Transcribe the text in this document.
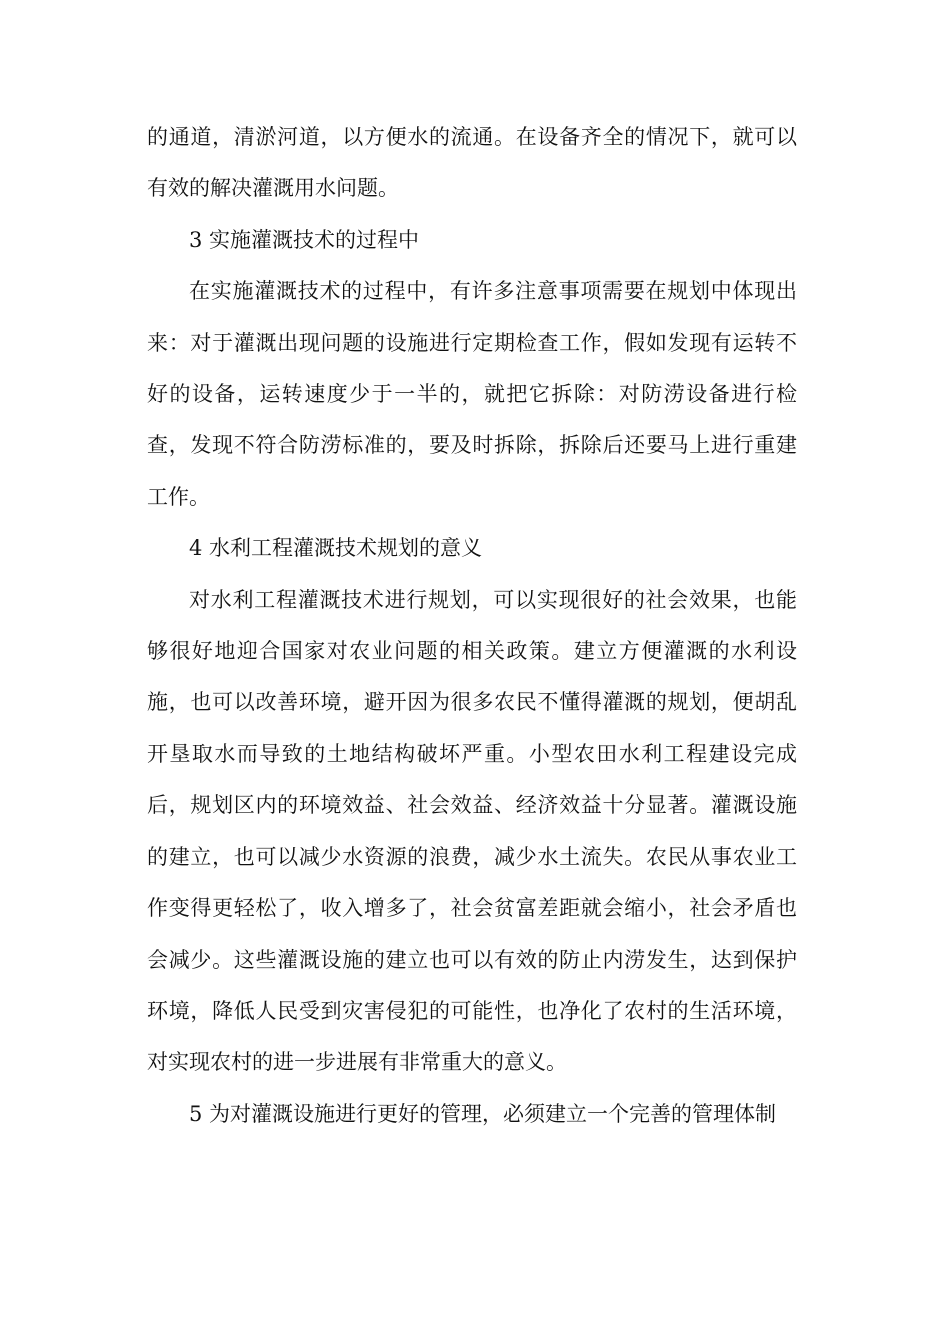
的通道，清淤河道，以方便水的流通。在设备齐全的情况下，就可以有效的解决灌溉用水问题。

3 实施灌溉技术的过程中

在实施灌溉技术的过程中，有许多注意事项需要在规划中体现出来：对于灌溉出现问题的设施进行定期检查工作，假如发现有运转不好的设备，运转速度少于一半的，就把它拆除：对防涝设备进行检查，发现不符合防涝标准的，要及时拆除，拆除后还要马上进行重建工作。

4 水利工程灌溉技术规划的意义

对水利工程灌溉技术进行规划，可以实现很好的社会效果，也能够很好地迎合国家对农业问题的相关政策。建立方便灌溉的水利设施，也可以改善环境，避开因为很多农民不懂得灌溉的规划，便胡乱开垦取水而导致的土地结构破坏严重。小型农田水利工程建设完成后，规划区内的环境效益、社会效益、经济效益十分显著。灌溉设施的建立，也可以减少水资源的浪费，减少水土流失。农民从事农业工作变得更轻松了，收入增多了，社会贫富差距就会缩小，社会矛盾也会减少。这些灌溉设施的建立也可以有效的防止内涝发生，达到保护环境，降低人民受到灾害侵犯的可能性，也净化了农村的生活环境，对实现农村的进一步进展有非常重大的意义。

5 为对灌溉设施进行更好的管理，必须建立一个完善的管理体制
